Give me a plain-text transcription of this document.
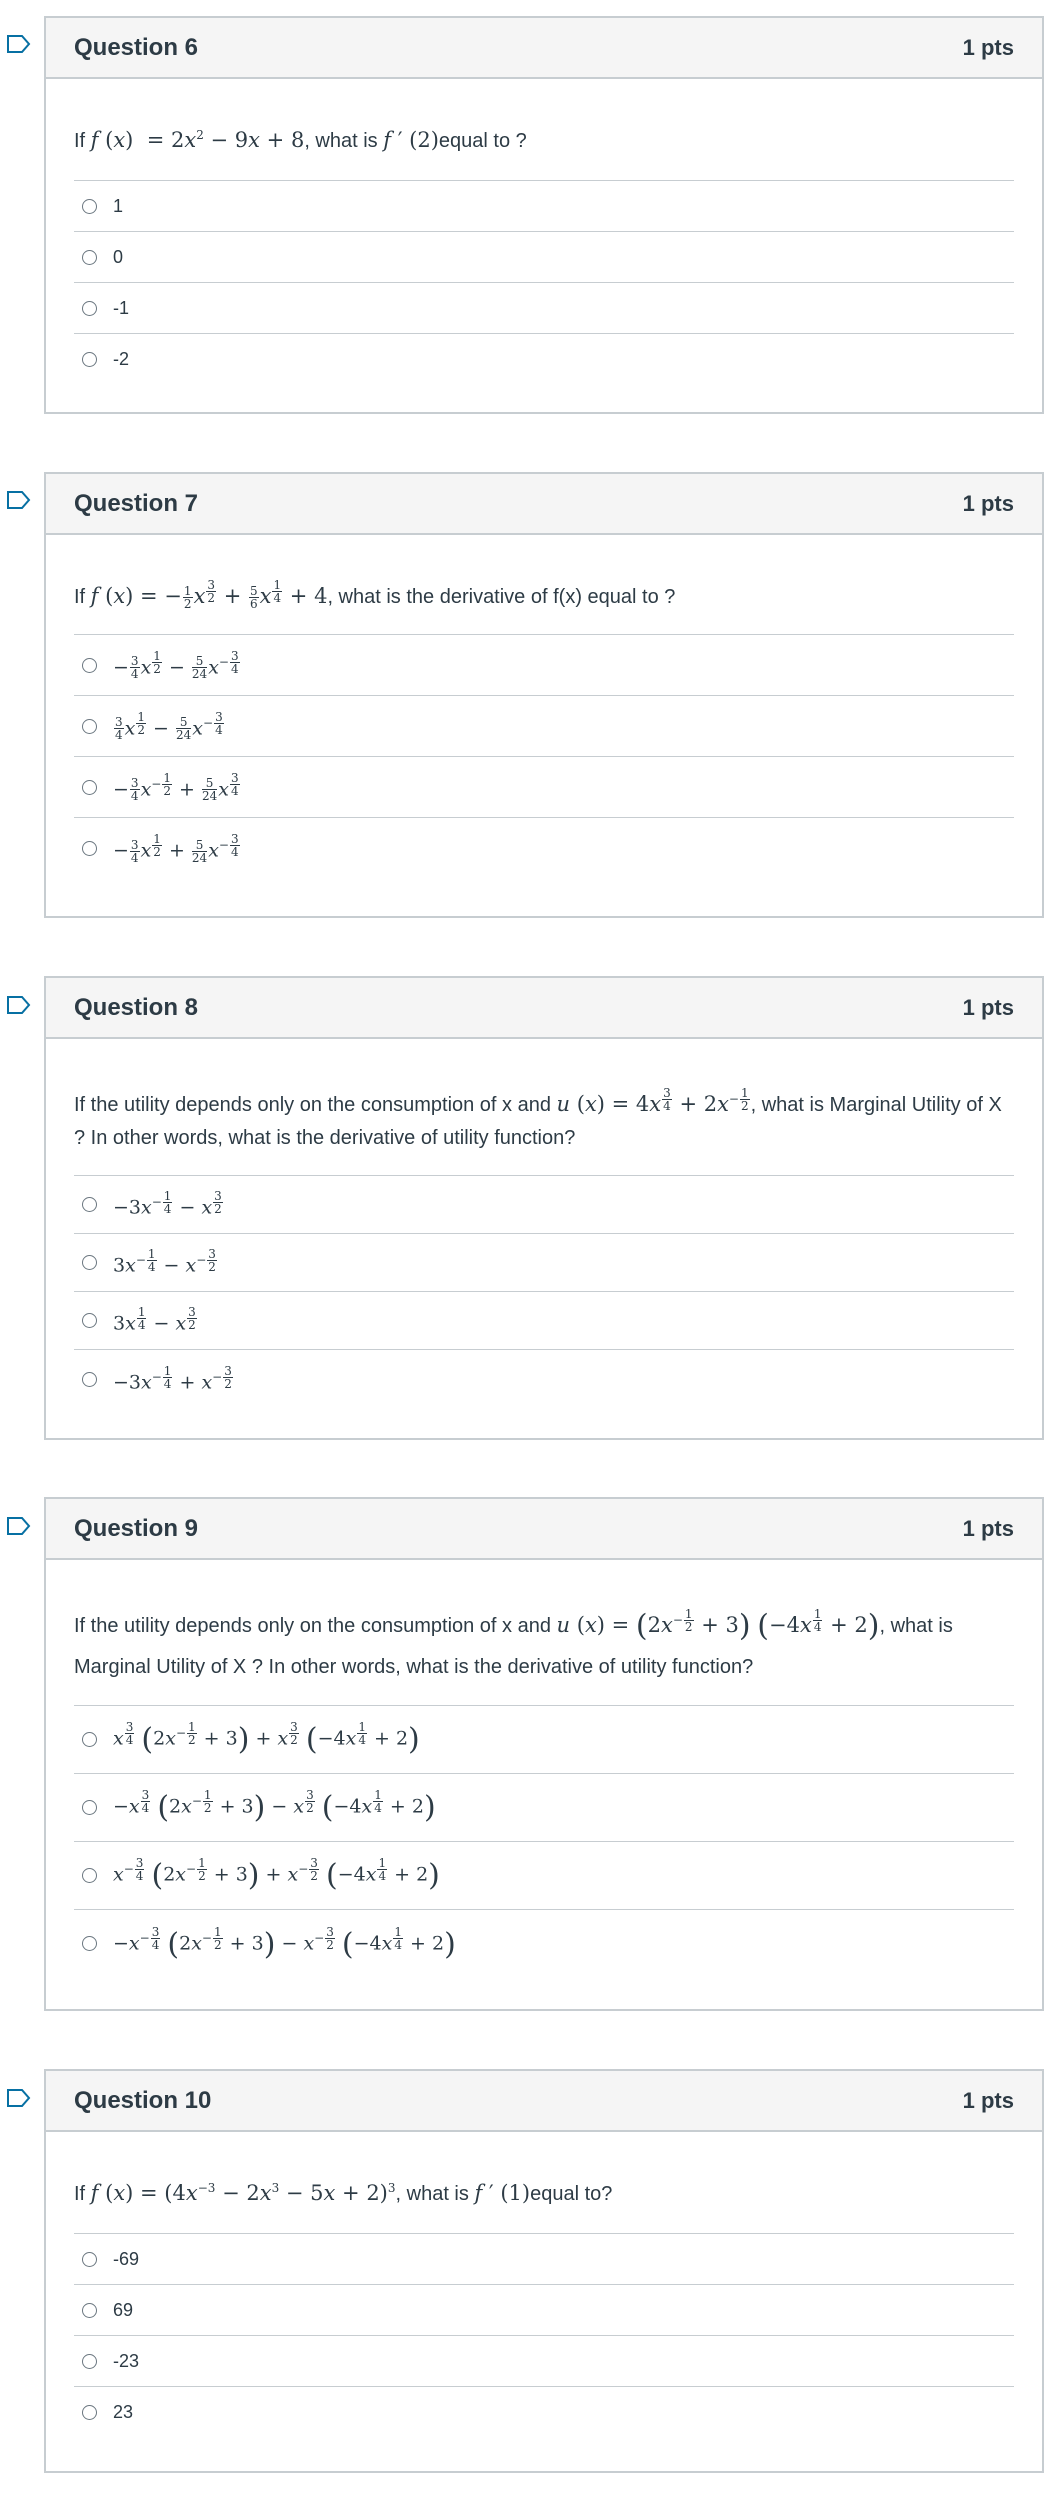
Question 6	1 pts
If f $(x) = 2x^2 - 9x + 8$, what is f ′ (2)equal to ?
1
0
-1
-2
Question 7	1 pts
If f (x) = − $\frac{1}{2}$ x $^{\frac{3}{2}} + \frac{5}{6}$ x $^{\frac{1}{4}}$ + 4, what is the derivative of f(x) equal to ?
− $\frac{3}{4}$ x $^{\frac{1}{2}} - \frac{5}{24} x^{- \frac{3}{4}}$
$\frac{3}{4}$ x $^{\frac{1}{2}} - \frac{5}{24} x^{- \frac{3}{4}}$
− $\frac{3}{4} x^{- \frac{1}{2}} + \frac{5}{24}$ x $^{\frac{3}{4}}$
− $\frac{3}{4}$ x $^{\frac{1}{2}} + \frac{5}{24} x^{- \frac{3}{4}}$
Question 8	1 pts
If the utility depends only on the consumption of x and u (x) = 4x $^{\frac{3}{4}} + 2x^{- \frac{1}{2}}$ , what is Marginal Utility of X ? In other words, what is the derivative of utility function?
$-3x^{- \frac{1}{4}} - x$ $^{\frac{3}{2}}$
$3x^{- \frac{1}{4}} - x^{- \frac{3}{2}}$
3x $^{\frac{1}{4}}$ − x $^{\frac{3}{2}}$
$-3x^{- \frac{1}{4}} + x^{- \frac{3}{2}}$
Question 9	1 pts
If the utility depends only on the consumption of x and u $(x) = (2x^{- \frac{1}{2}} + 3)$ (−4x $^{\frac{1}{4}}$ + 2), what is Marginal Utility of X ? In other words, what is the derivative of utility function?
x $^{\frac{3}{4}}$ $(2x^{- \frac{1}{2}} + 3) + x$ $^{\frac{3}{2}}$ (−4x $^{\frac{1}{4}}$ + 2)
−x $^{\frac{3}{4}}$ $(2x^{- \frac{1}{2}} + 3) - x$ $^{\frac{3}{2}}$ (−4x $^{\frac{1}{4}}$ + 2)
$x^{- \frac{3}{4}}$ $(2x^{- \frac{1}{2}} + 3) + x^{- \frac{3}{2}}$ (−4x $^{\frac{1}{4}}$ + 2)
$-x^{- \frac{3}{4}}$ $(2x^{- \frac{1}{2}} + 3) - x^{- \frac{3}{2}}$ (−4x $^{\frac{1}{4}}$ + 2)
Question 10	1 pts
If f $(x) = (4x^{-3} - 2x^3 - 5x + 2)^3$, what is f ′ (1)equal to?
-69
69
-23
23
